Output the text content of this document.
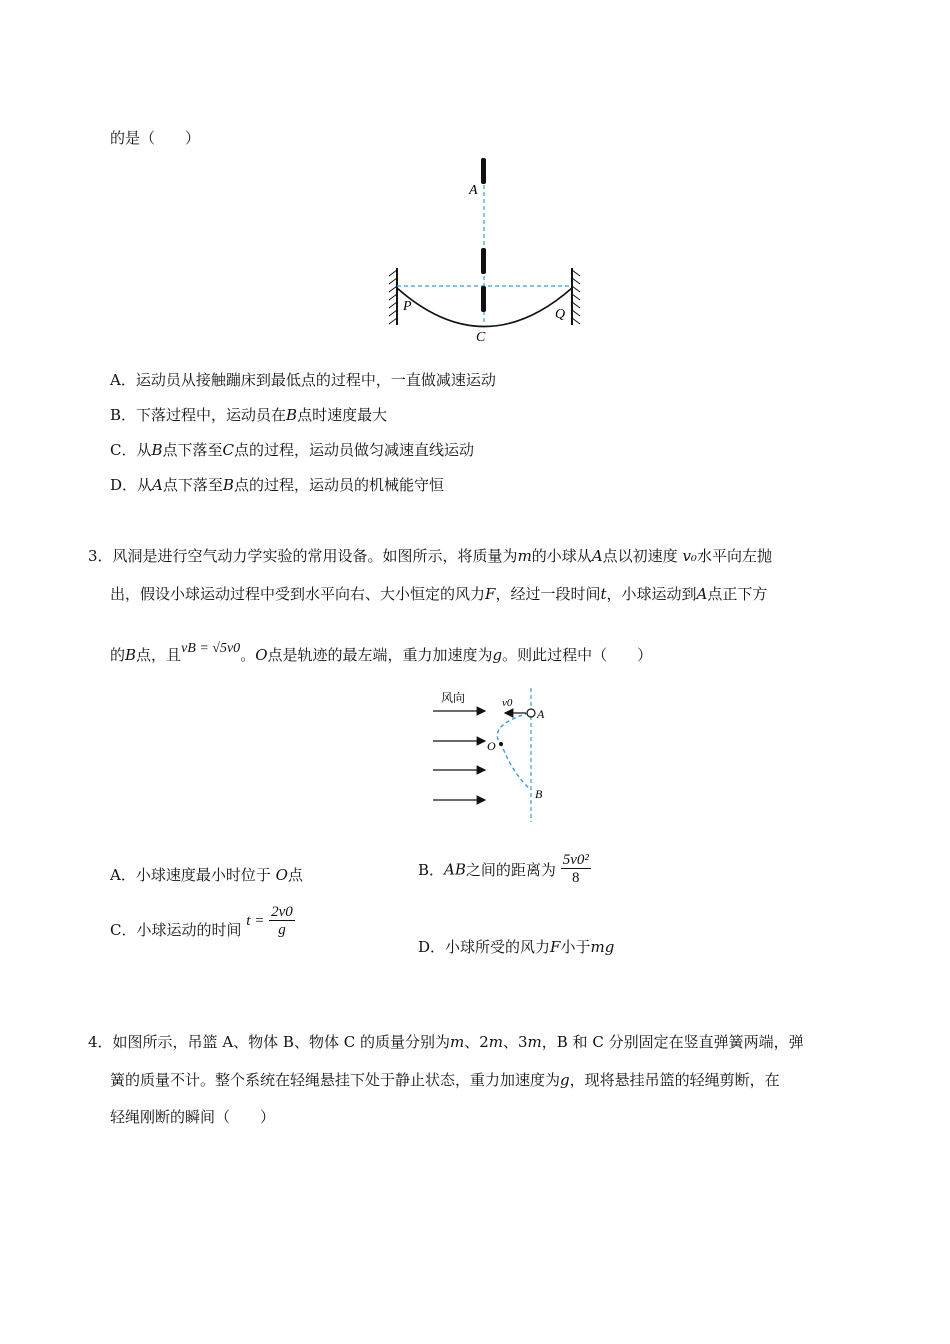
的是（　　）
A
P
Q
C
A．运动员从接触蹦床到最低点的过程中，一直做减速运动
B．下落过程中，运动员在B点时速度最大
C．从B点下落至C点的过程，运动员做匀减速直线运动
D．从A点下落至B点的过程，运动员的机械能守恒
3．风洞是进行空气动力学实验的常用设备。如图所示，将质量为m的小球从A点以初速度 v₀水平向左抛
出，假设小球运动过程中受到水平向右、大小恒定的风力F，经过一段时间t，小球运动到A点正下方
的B点，且vB = √5v0。O点是轨迹的最左端，重力加速度为g。则此过程中（　　）
风向	v0
A
O
B
A．小球速度最小时位于 O点	B．AB之间的距离为 $\frac{\text{5v0²}}{8}$
C．小球运动的时间 $t = \frac{2v0}{g}$
D．小球所受的风力F小于mg
4．如图所示，吊篮 A、物体 B、物体 C 的质量分别为m、2m、3m，B 和 C 分别固定在竖直弹簧两端，弹
簧的质量不计。整个系统在轻绳悬挂下处于静止状态，重力加速度为g，现将悬挂吊篮的轻绳剪断，在
轻绳刚断的瞬间（　　）
